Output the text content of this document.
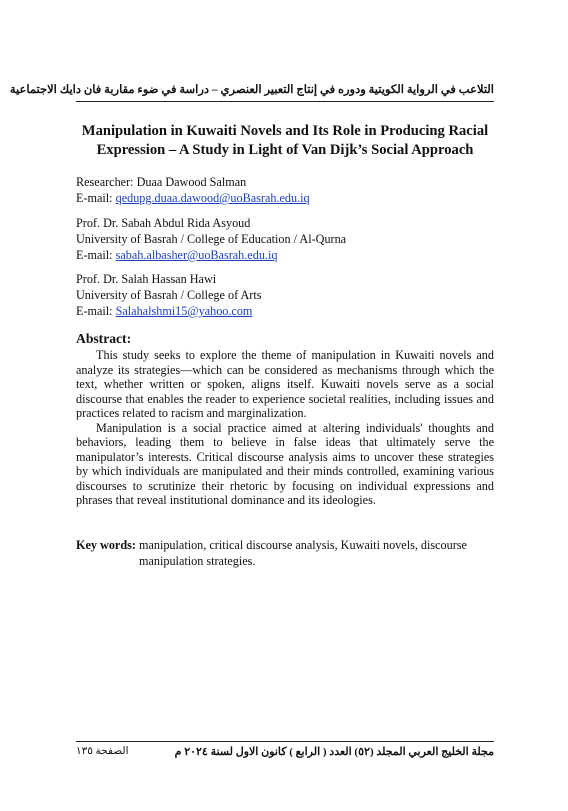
التلاعب في الرواية الكويتية ودوره في إنتاج التعبير العنصري – دراسة في ضوء مقاربة فان دايك الاجتماعية
Manipulation in Kuwaiti Novels and Its Role in Producing Racial
Expression – A Study in Light of Van Dijk’s Social Approach
Researcher: Duaa Dawood Salman
E-mail: qedupg.duaa.dawood@uoBasrah.edu.iq
Prof. Dr. Sabah Abdul Rida Asyoud
University of Basrah / College of Education / Al-Qurna
E-mail: sabah.albasher@uoBasrah.edu.iq
Prof. Dr. Salah Hassan Hawi
University of Basrah / College of Arts
E-mail: Salahalshmi15@yahoo.com
Abstract:

This study seeks to explore the theme of manipulation in Kuwaiti novels and analyze its strategies—which can be considered as mechanisms through which the text, whether written or spoken, aligns itself. Kuwaiti novels serve as a social discourse that enables the reader to experience societal realities, including issues and practices related to racism and marginalization.

Manipulation is a social practice aimed at altering individuals' thoughts and behaviors, leading them to believe in false ideas that ultimately serve the manipulator’s interests. Critical discourse analysis aims to uncover these strategies by which individuals are manipulated and their minds controlled, examining various discourses to scrutinize their rhetoric by focusing on individual expressions and phrases that reveal institutional dominance and its ideologies.

Key words: manipulation, critical discourse analysis, Kuwaiti novels, discourse manipulation strategies.
مجلة الخليج العربي المجلد (٥٢) العدد ( الرابع ) كانون الاول لسنة ٢٠٢٤ م
الصفحة ١٣٥
